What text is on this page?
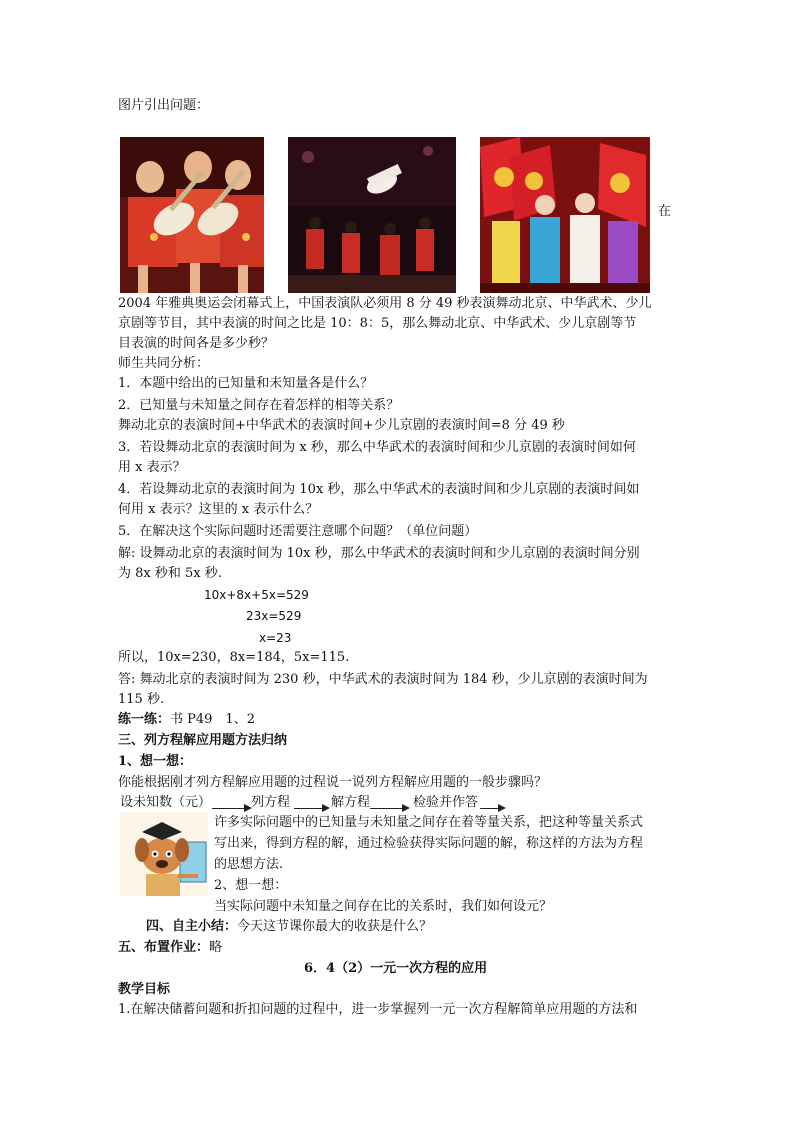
图片引出问题：
在
2004 年雅典奥运会闭幕式上，中国表演队必须用 8 分 49 秒表演舞动北京、中华武术、少儿
京剧等节目，其中表演的时间之比是 10：8：5，那么舞动北京、中华武术、少儿京剧等节
目表演的时间各是多少秒？
师生共同分析：
1．本题中给出的已知量和未知量各是什么？
2．已知量与未知量之间存在着怎样的相等关系？
舞动北京的表演时间+中华武术的表演时间+少儿京剧的表演时间=8 分 49 秒
3．若设舞动北京的表演时间为 x 秒，那么中华武术的表演时间和少儿京剧的表演时间如何
用 x 表示？
4．若设舞动北京的表演时间为 10x 秒，那么中华武术的表演时间和少儿京剧的表演时间如
何用 x 表示？这里的 x 表示什么？
5．在解决这个实际问题时还需要注意哪个问题？（单位问题）
解: 设舞动北京的表演时间为 10x 秒，那么中华武术的表演时间和少儿京剧的表演时间分别
为 8x 秒和 5x 秒.
10x+8x+5x=529
23x=529
x=23
所以，10x=230，8x=184，5x=115.
答: 舞动北京的表演时间为 230 秒，中华武术的表演时间为 184 秒，少儿京剧的表演时间为
115 秒.
练一练：书 P49　1、2
三、列方程解应用题方法归纳
1、想一想：
你能根据刚才列方程解应用题的过程说一说列方程解应用题的一般步骤吗？
设未知数（元）	列方程	解方程	检验并作答
许多实际问题中的已知量与未知量之间存在着等量关系，把这种等量关系式
写出来，得到方程的解，通过检验获得实际问题的解，称这样的方法为方程
的思想方法.
2、想一想：
当实际问题中未知量之间存在比的关系时，我们如何设元？
四、自主小结：今天这节课你最大的收获是什么？
五、布置作业：略
6．4（2）一元一次方程的应用
教学目标
1.在解决储蓄问题和折扣问题的过程中，进一步掌握列一元一次方程解简单应用题的方法和
